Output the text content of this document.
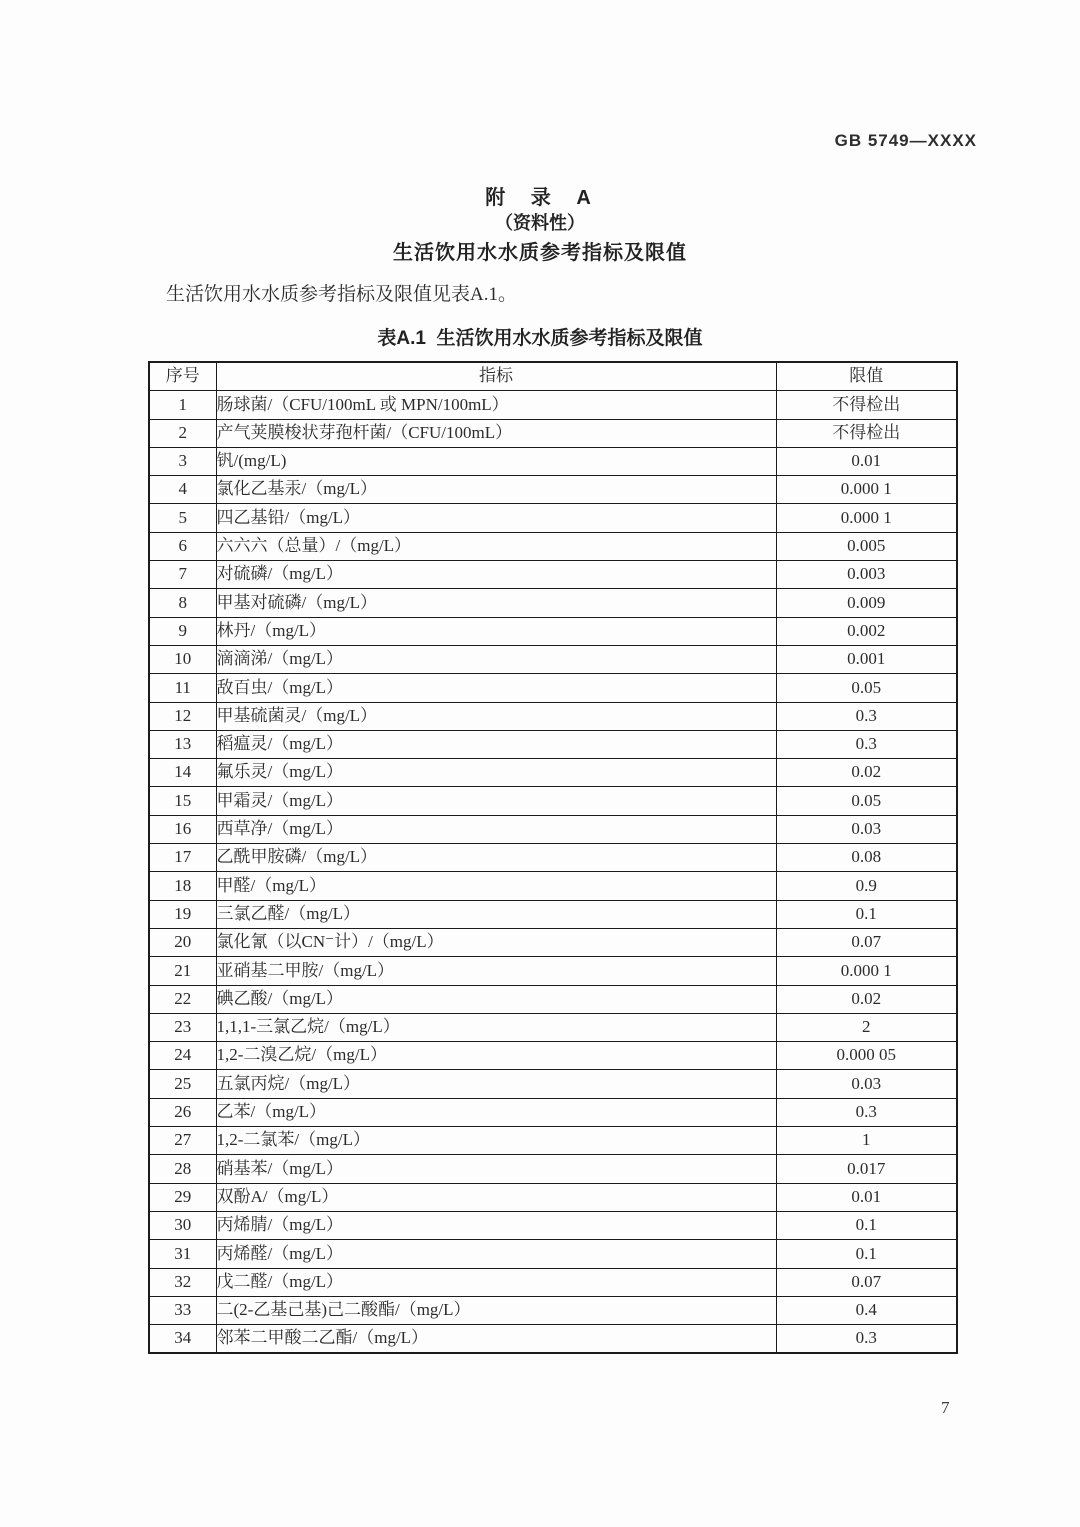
GB 5749—XXXX
附 录 A
（资料性）
生活饮用水水质参考指标及限值
生活饮用水水质参考指标及限值见表A.1。
表A.1  生活饮用水水质参考指标及限值
序号	指标	限值
1	肠球菌/（CFU/100mL 或 MPN/100mL）	不得检出
2	产气荚膜梭状芽孢杆菌/（CFU/100mL）	不得检出
3	钒/(mg/L)	0.01
4	氯化乙基汞/（mg/L）	0.000 1
5	四乙基铅/（mg/L）	0.000 1
6	六六六（总量）/（mg/L）	0.005
7	对硫磷/（mg/L）	0.003
8	甲基对硫磷/（mg/L）	0.009
9	林丹/（mg/L）	0.002
10	滴滴涕/（mg/L）	0.001
11	敌百虫/（mg/L）	0.05
12	甲基硫菌灵/（mg/L）	0.3
13	稻瘟灵/（mg/L）	0.3
14	氟乐灵/（mg/L）	0.02
15	甲霜灵/（mg/L）	0.05
16	西草净/（mg/L）	0.03
17	乙酰甲胺磷/（mg/L）	0.08
18	甲醛/（mg/L）	0.9
19	三氯乙醛/（mg/L）	0.1
20	氯化氰（以CN⁻计）/（mg/L）	0.07
21	亚硝基二甲胺/（mg/L）	0.000 1
22	碘乙酸/（mg/L）	0.02
23	1,1,1-三氯乙烷/（mg/L）	2
24	1,2-二溴乙烷/（mg/L）	0.000 05
25	五氯丙烷/（mg/L）	0.03
26	乙苯/（mg/L）	0.3
27	1,2-二氯苯/（mg/L）	1
28	硝基苯/（mg/L）	0.017
29	双酚A/（mg/L）	0.01
30	丙烯腈/（mg/L）	0.1
31	丙烯醛/（mg/L）	0.1
32	戊二醛/（mg/L）	0.07
33	二(2-乙基己基)己二酸酯/（mg/L）	0.4
34	邻苯二甲酸二乙酯/（mg/L）	0.3
7
